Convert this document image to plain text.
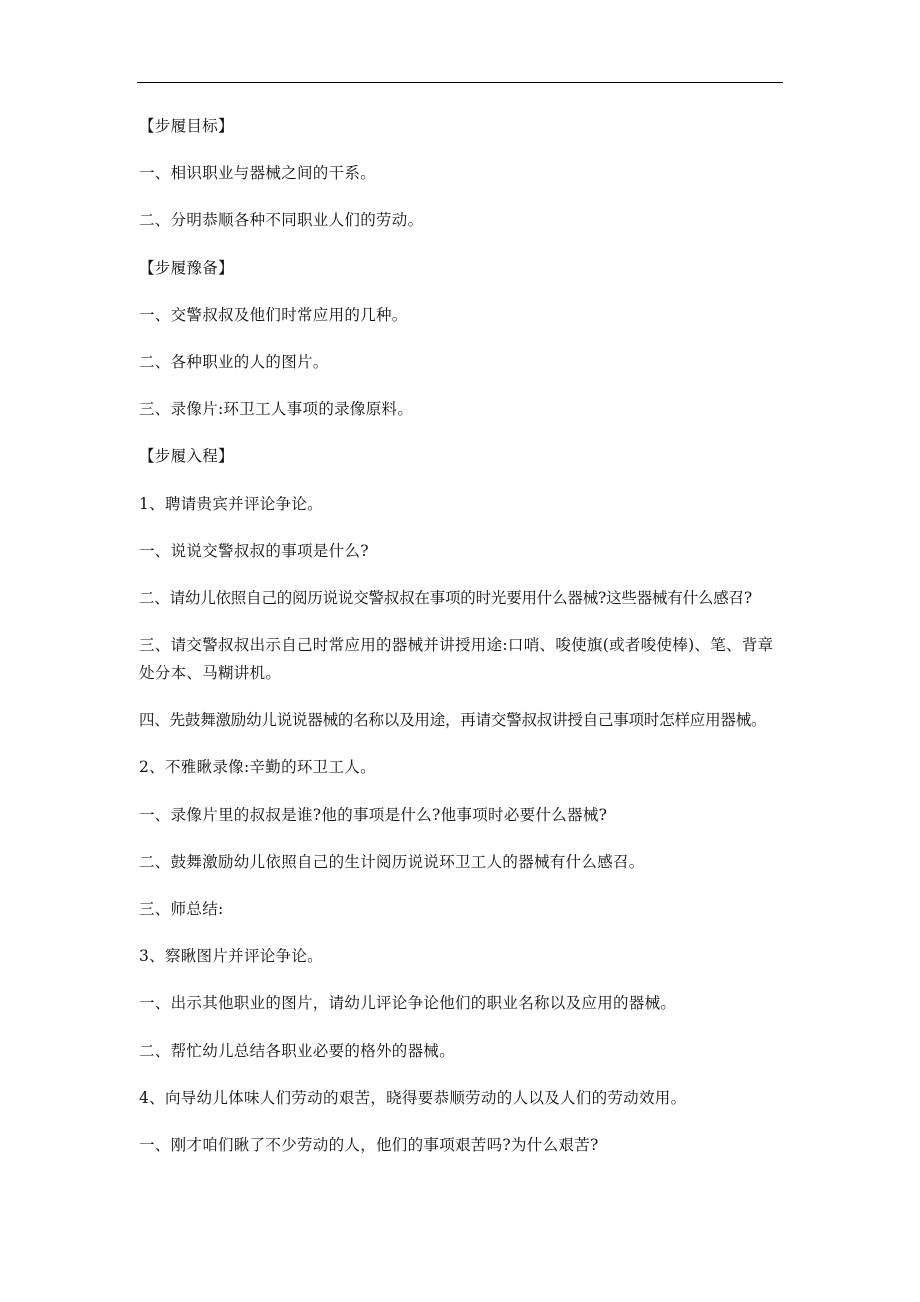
【步履目标】

一、相识职业与器械之间的干系。

二、分明恭顺各种不同职业人们的劳动。

【步履豫备】

一、交警叔叔及他们时常应用的几种。

二、各种职业的人的图片。

三、录像片:环卫工人事项的录像原料。

【步履入程】

1、聘请贵宾并评论争论。

一、说说交警叔叔的事项是什么?

二、请幼儿依照自己的阅历说说交警叔叔在事项的时光要用什么器械?这些器械有什么感召?

三、请交警叔叔出示自己时常应用的器械并讲授用途:口哨、唆使旗(或者唆使棒)、笔、背章处分本、马糊讲机。

四、先鼓舞激励幼儿说说器械的名称以及用途，再请交警叔叔讲授自己事项时怎样应用器械。

2、不雅瞅录像:辛勤的环卫工人。

一、录像片里的叔叔是谁?他的事项是什么?他事项时必要什么器械?

二、鼓舞激励幼儿依照自己的生计阅历说说环卫工人的器械有什么感召。

三、师总结:

3、察瞅图片并评论争论。

一、出示其他职业的图片，请幼儿评论争论他们的职业名称以及应用的器械。

二、帮忙幼儿总结各职业必要的格外的器械。

4、向导幼儿体味人们劳动的艰苦，晓得要恭顺劳动的人以及人们的劳动效用。

一、刚才咱们瞅了不少劳动的人，他们的事项艰苦吗?为什么艰苦?
